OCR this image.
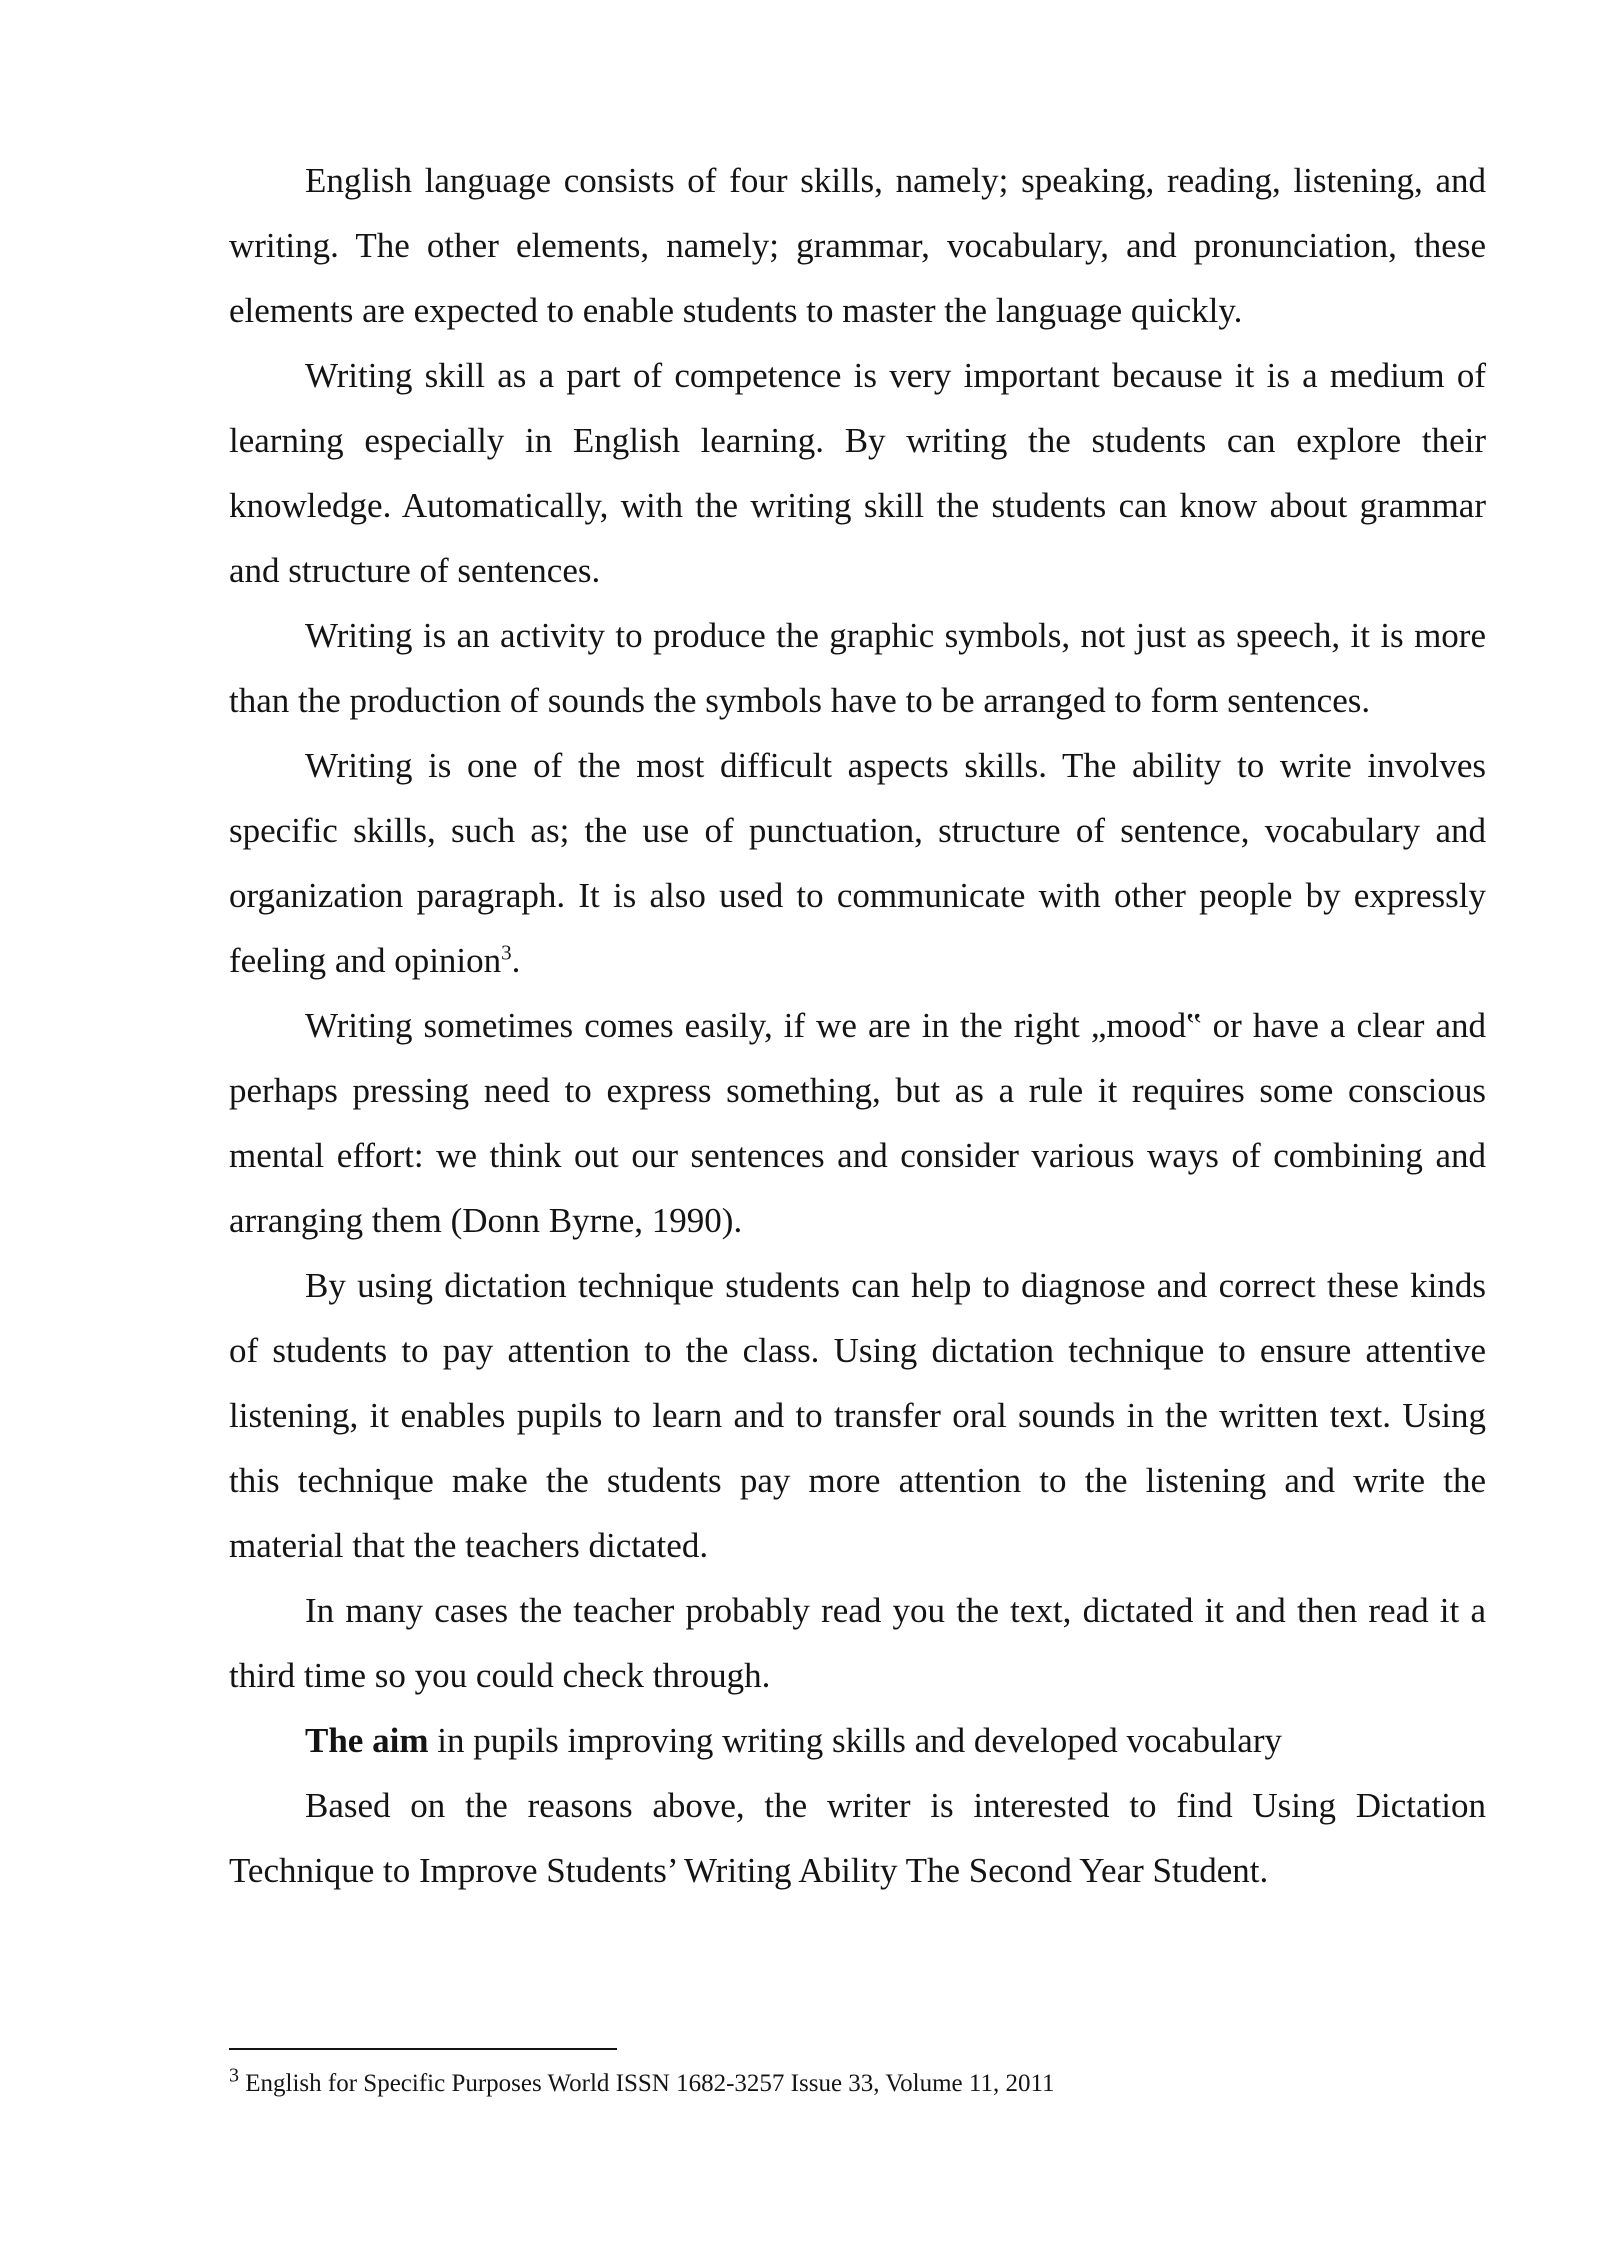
English language consists of four skills, namely; speaking, reading, listening, and writing. The other elements, namely; grammar, vocabulary, and pronunciation, these elements are expected to enable students to master the language quickly.

Writing skill as a part of competence is very important because it is a medium of learning especially in English learning. By writing the students can explore their knowledge. Automatically, with the writing skill the students can know about grammar and structure of sentences.

Writing is an activity to produce the graphic symbols, not just as speech, it is more than the production of sounds the symbols have to be arranged to form sentences.

Writing is one of the most difficult aspects skills. The ability to write involves specific skills, such as; the use of punctuation, structure of sentence, vocabulary and organization paragraph. It is also used to communicate with other people by expressly feeling and opinion$^3$.

Writing sometimes comes easily, if we are in the right „mood‟ or have a clear and perhaps pressing need to express something, but as a rule it requires some conscious mental effort: we think out our sentences and consider various ways of combining and arranging them (Donn Byrne, 1990).

By using dictation technique students can help to diagnose and correct these kinds of students to pay attention to the class. Using dictation technique to ensure attentive listening, it enables pupils to learn and to transfer oral sounds in the written text. Using this technique make the students pay more attention to the listening and write the material that the teachers dictated.

In many cases the teacher probably read you the text, dictated it and then read it a third time so you could check through.

The aim in pupils improving writing skills and developed vocabulary

Based on the reasons above, the writer is interested to find Using Dictation Technique to Improve Students’ Writing Ability The Second Year Student.

$^3$ English for Specific Purposes World ISSN 1682-3257 Issue 33, Volume 11, 2011
